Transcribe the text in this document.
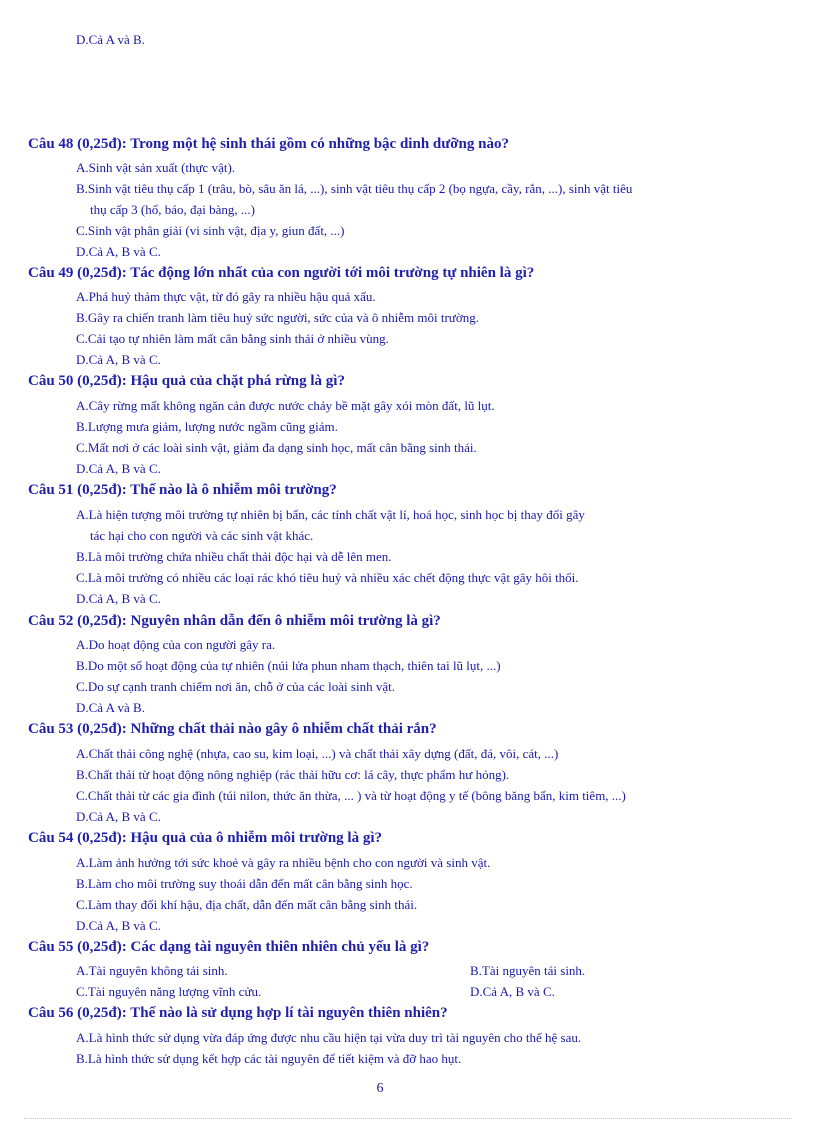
D.Cả A và B.
Câu 48 (0,25đ): Trong một hệ sinh thái gồm có những bậc dinh dưỡng nào?
A.Sinh vật sản xuất (thực vật).
B.Sinh vật tiêu thụ cấp 1 (trâu, bò, sâu ăn lá, ...), sinh vật tiêu thụ cấp 2 (bọ ngựa, cầy, rắn, ...), sinh vật tiêu
thụ cấp 3 (hổ, báo, đại bàng, ...)
C.Sinh vật phân giải (vi sinh vật, địa y, giun đất, ...)
D.Cả A, B và C.
Câu 49 (0,25đ): Tác động lớn nhất của con người tới môi trường tự nhiên là gì?
A.Phá huỷ thảm thực vật, từ đó gây ra nhiều hậu quả xấu.
B.Gây ra chiến tranh làm tiêu huỷ sức người, sức của và ô nhiễm môi trường.
C.Cải tạo tự nhiên làm mất cân bằng sinh thái ở nhiều vùng.
D.Cả A, B và C.
Câu 50 (0,25đ): Hậu quả của chặt phá rừng là gì?
A.Cây rừng mất không ngăn cản được nước chảy bề mặt gây xói mòn đất, lũ lụt.
B.Lượng mưa giảm, lượng nước ngầm cũng giảm.
C.Mất nơi ở các loài sinh vật, giảm đa dạng sinh học, mất cân bằng sinh thái.
D.Cả A, B và C.
Câu 51 (0,25đ): Thế nào là ô nhiễm môi trường?
A.Là hiện tượng môi trường tự nhiên bị bẩn, các tính chất vật lí, hoá học, sinh học bị thay đổi gây
tác hại cho con người và các sinh vật khác.
B.Là môi trường chứa nhiều chất thải độc hại và dễ lên men.
C.Là môi trường có nhiều các loại rác khó tiêu huỷ và nhiều xác chết động thực vật gây hôi thối.
D.Cả A, B và C.
Câu 52 (0,25đ): Nguyên nhân dẫn đến ô nhiễm môi trường là gì?
A.Do hoạt động của con người gây ra.
B.Do một số hoạt động của tự nhiên (núi lửa phun nham thạch, thiên tai lũ lụt, ...)
C.Do sự cạnh tranh chiếm nơi ăn, chỗ ở của các loài sinh vật.
D.Cả A và B.
Câu 53 (0,25đ): Những chất thải nào gây ô nhiễm chất thải rắn?
A.Chất thải công nghệ (nhựa, cao su, kim loại, ...) và chất thải xây dựng (đất, đá, vôi, cát, ...)
B.Chất thải từ hoạt động nông nghiệp (rác thải hữu cơ: lá cây, thực phẩm hư hỏng).
C.Chất thải từ các gia đình (túi nilon, thức ăn thừa, ... ) và từ hoạt động y tế (bông băng bẩn, kim tiêm, ...)
D.Cả A, B và C.
Câu 54 (0,25đ): Hậu quả của ô nhiễm môi trường là gì?
A.Làm ảnh hưởng tới sức khoẻ và gây ra nhiều bệnh cho con người và sinh vật.
B.Làm cho môi trường suy thoái dẫn đến mất cân bằng sinh học.
C.Làm thay đổi khí hậu, địa chất, dẫn đến mất cân bằng sinh thái.
D.Cả A, B và C.
Câu 55 (0,25đ): Các dạng tài nguyên thiên nhiên chủ yếu là gì?
A.Tài nguyên không tái sinh.	B.Tài nguyên tái sinh.
C.Tài nguyên năng lượng vĩnh cửu.	D.Cả A, B và C.
Câu 56 (0,25đ): Thế nào là sử dụng hợp lí tài nguyên thiên nhiên?
A.Là hình thức sử dụng vừa đáp ứng được nhu cầu hiện tại vừa duy trì tài nguyên cho thế hệ sau.
B.Là hình thức sử dụng kết hợp các tài nguyên để tiết kiệm và đỡ hao hụt.
6
